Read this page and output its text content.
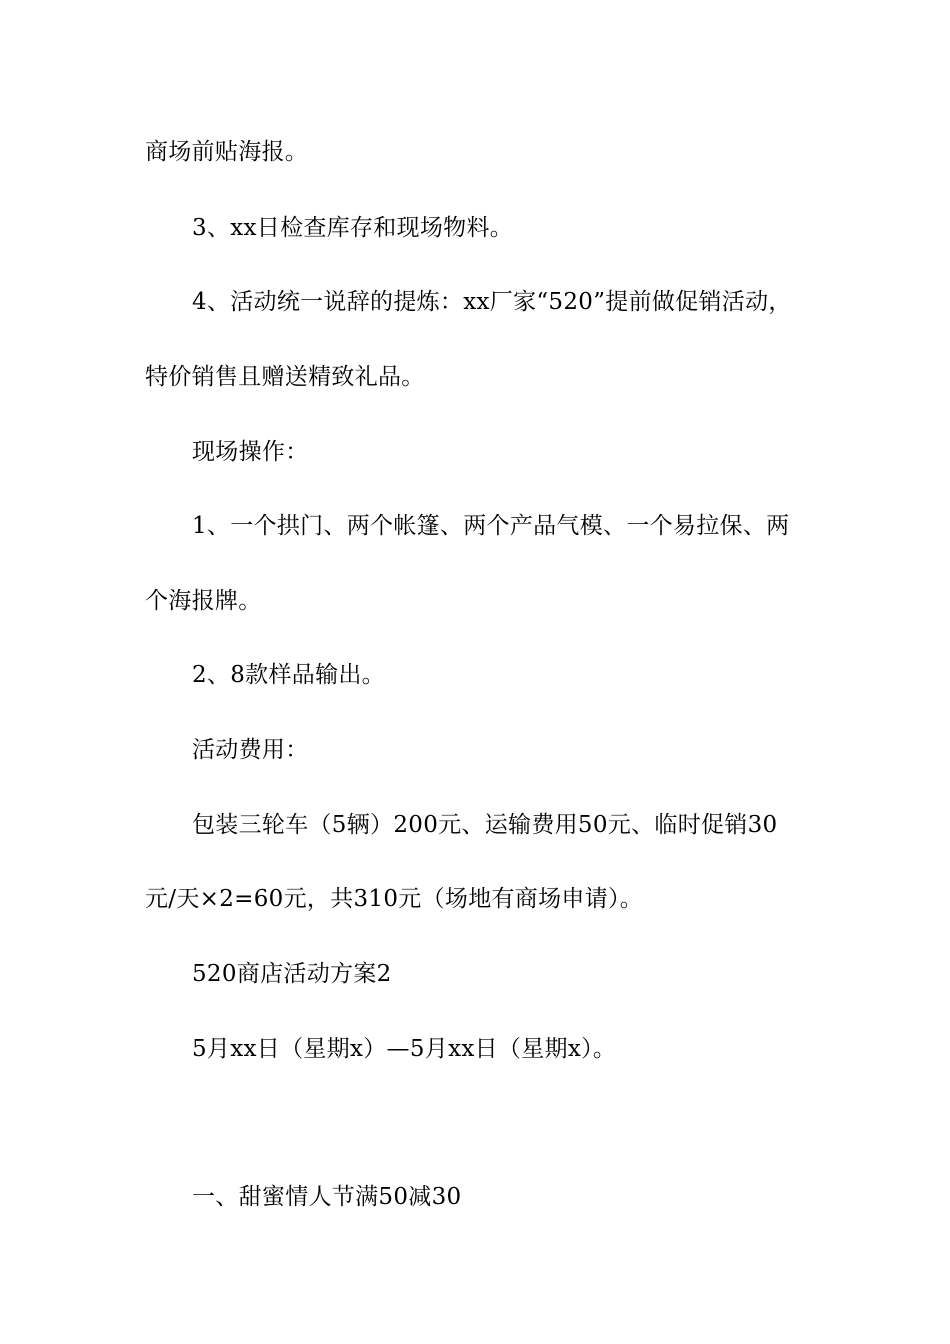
商场前贴海报。
3、xx日检查库存和现场物料。
4、活动统一说辞的提炼：xx厂家“520”提前做促销活动，
特价销售且赠送精致礼品。
现场操作：
1、一个拱门、两个帐篷、两个产品气模、一个易拉保、两
个海报牌。
2、8款样品输出。
活动费用：
包装三轮车（5辆）200元、运输费用50元、临时促销30
元/天×2=60元，共310元（场地有商场申请）。
520商店活动方案2
5月xx日（星期x）—5月xx日（星期x）。
一、甜蜜情人节满50减30
